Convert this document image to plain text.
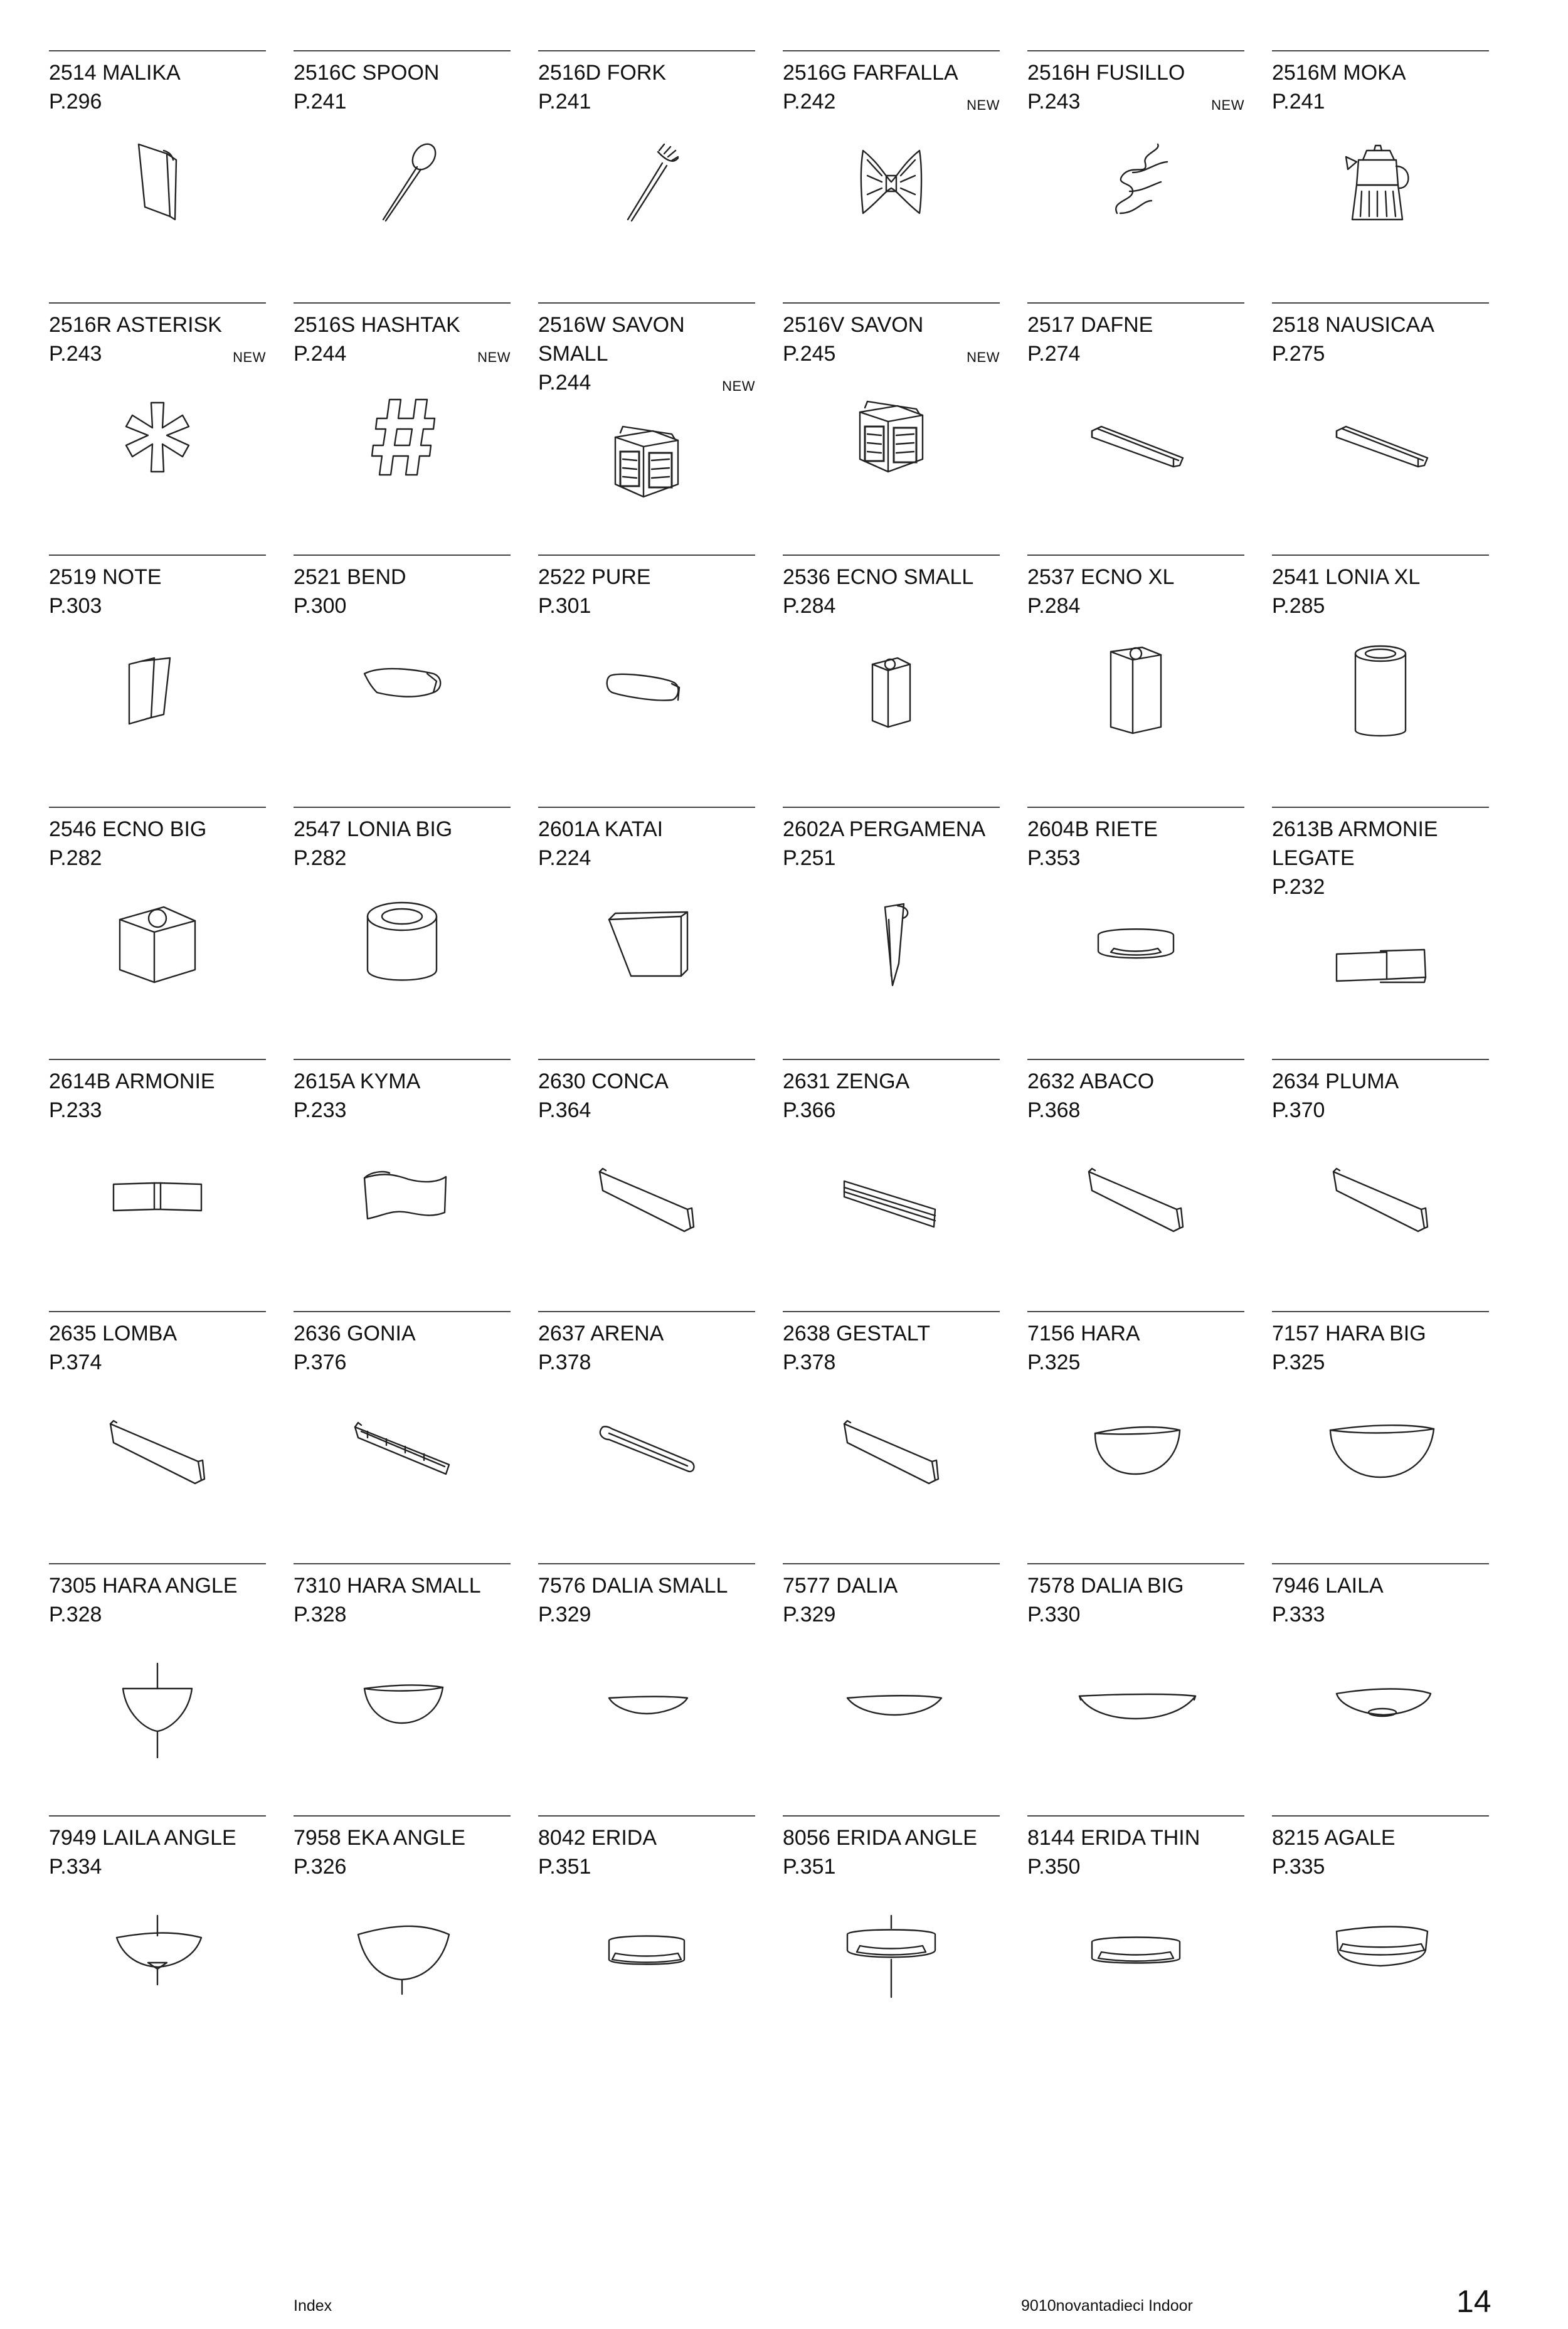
2514 MALIKA
P.296
2516C SPOON
P.241
2516D FORK
P.241
2516G FARFALLA
P.242	NEW
2516H FUSILLO
P.243	NEW
2516M MOKA
P.241
2516R ASTERISK
P.243	NEW
2516S HASHTAK
P.244	NEW
2516W SAVON
SMALL
P.244	NEW
2516V SAVON
P.245	NEW
2517 DAFNE
P.274
2518 NAUSICAA
P.275
2519 NOTE
P.303
2521 BEND
P.300
2522 PURE
P.301
2536 ECNO SMALL
P.284
2537 ECNO XL
P.284
2541 LONIA XL
P.285
2546 ECNO BIG
P.282
2547 LONIA BIG
P.282
2601A KATAI
P.224
2602A PERGAMENA
P.251
2604B RIETE
P.353
2613B ARMONIE
LEGATE
P.232
2614B ARMONIE
P.233
2615A KYMA
P.233
2630 CONCA
P.364
2631 ZENGA
P.366
2632 ABACO
P.368
2634 PLUMA
P.370
2635 LOMBA
P.374
2636 GONIA
P.376
2637 ARENA
P.378
2638 GESTALT
P.378
7156 HARA
P.325
7157 HARA BIG
P.325
7305 HARA ANGLE
P.328
7310 HARA SMALL
P.328
7576 DALIA SMALL
P.329
7577 DALIA
P.329
7578 DALIA BIG
P.330
7946 LAILA
P.333
7949 LAILA ANGLE
P.334
7958 EKA ANGLE
P.326
8042 ERIDA
P.351
8056 ERIDA ANGLE
P.351
8144 ERIDA THIN
P.350
8215 AGALE
P.335
Index	9010novantadieci Indoor	14
